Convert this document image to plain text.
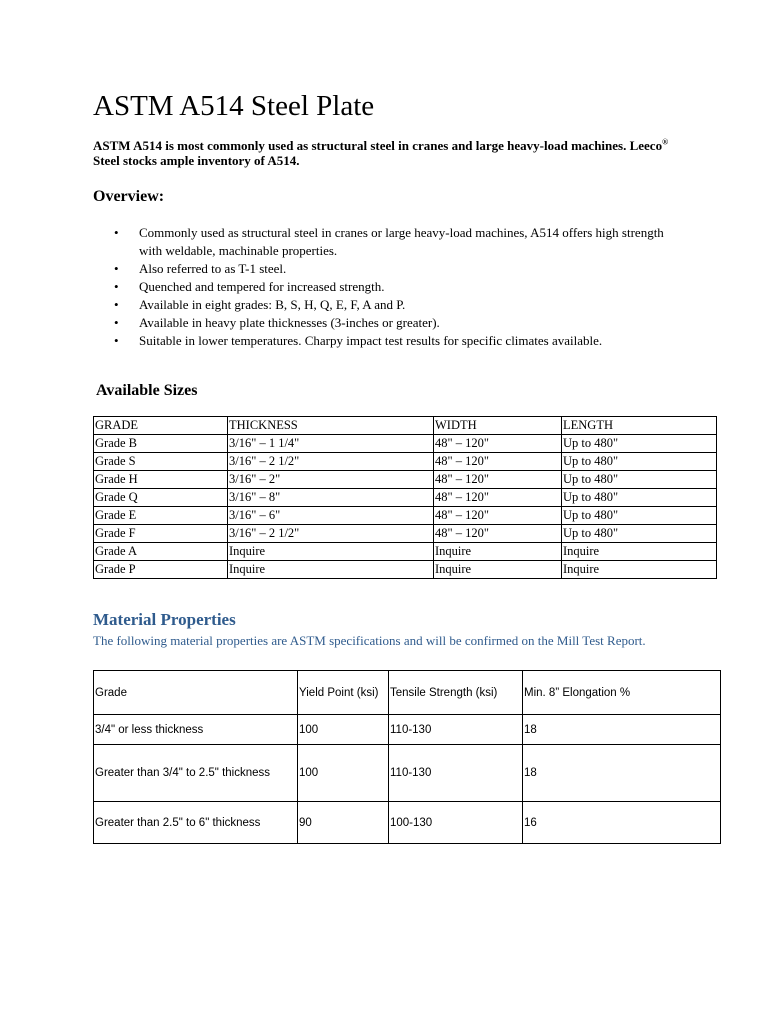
ASTM A514 Steel Plate

ASTM A514 is most commonly used as structural steel in cranes and large heavy-load machines. Leeco® Steel stocks ample inventory of A514.

Overview:
• Commonly used as structural steel in cranes or large heavy-load machines, A514 offers high strength with weldable, machinable properties.
• Also referred to as T-1 steel.
• Quenched and tempered for increased strength.
• Available in eight grades: B, S, H, Q, E, F, A and P.
• Available in heavy plate thicknesses (3-inches or greater).
• Suitable in lower temperatures. Charpy impact test results for specific climates available.
Available Sizes
GRADE	THICKNESS	WIDTH	LENGTH
Grade B	3/16" – 1 1/4"	48" – 120"	Up to 480"
Grade S	3/16" – 2 1/2"	48" – 120"	Up to 480"
Grade H	3/16" – 2"	48" – 120"	Up to 480"
Grade Q	3/16" – 8"	48" – 120"	Up to 480"
Grade E	3/16" – 6"	48" – 120"	Up to 480"
Grade F	3/16" – 2 1/2"	48" – 120"	Up to 480"
Grade A	Inquire	Inquire	Inquire
Grade P	Inquire	Inquire	Inquire
Material Properties

The following material properties are ASTM specifications and will be confirmed on the Mill Test Report.

Grade	Yield Point (ksi)	Tensile Strength (ksi)	Min. 8” Elongation %
3/4" or less thickness	100	110-130	18
Greater than 3/4" to 2.5" thickness	100	110-130	18
Greater than 2.5" to 6" thickness	90	100-130	16
